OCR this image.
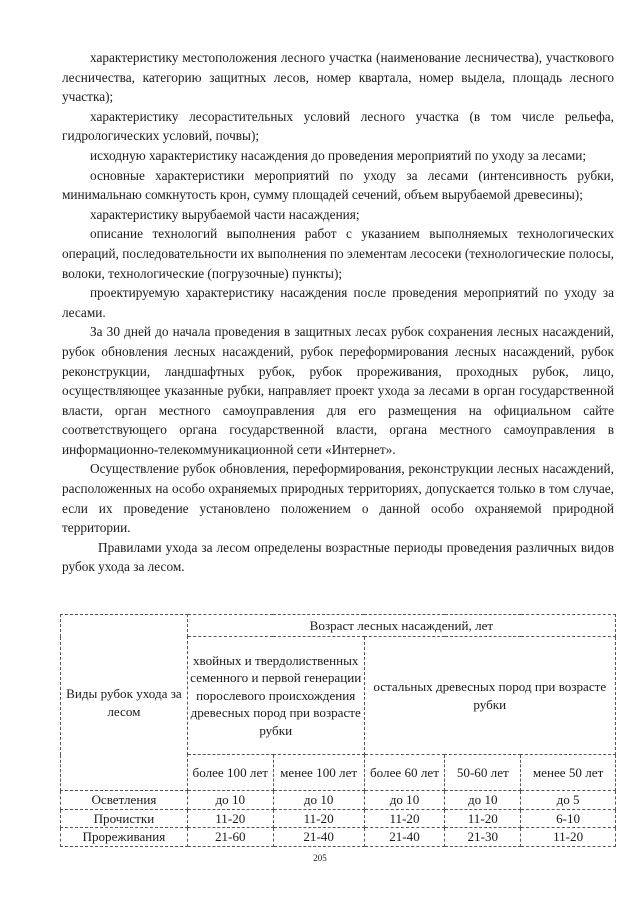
характеристику местоположения лесного участка (наименование лесничества), участкового лесничества, категорию защитных лесов, номер квартала, номер выдела, площадь лесного участка);

характеристику лесорастительных условий лесного участка (в том числе рельефа, гидрологических условий, почвы);

исходную характеристику насаждения до проведения мероприятий по уходу за лесами;

основные характеристики мероприятий по уходу за лесами (интенсивность рубки, минимальнаю сомкнутость крон, сумму площадей сечений, объем вырубаемой древесины);

характеристику вырубаемой части насаждения;

описание технологий выполнения работ с указанием выполняемых технологических операций, последовательности их выполнения по элементам лесосеки (технологические полосы, волоки, технологические (погрузочные) пункты);

проектируемую характеристику насаждения после проведения мероприятий по уходу за лесами.

За 30 дней до начала проведения в защитных лесах рубок сохранения лесных насаждений, рубок обновления лесных насаждений, рубок переформирования лесных насаждений, рубок реконструкции, ландшафтных рубок, рубок прореживания, проходных рубок, лицо, осуществляющее указанные рубки, направляет проект ухода за лесами в орган государственной власти, орган местного самоуправления для его размещения на официальном сайте соответствующего органа государственной власти, органа местного самоуправления в информационно-телекоммуникационной сети «Интернет».

Осуществление рубок обновления, переформирования, реконструкции лесных насаждений, расположенных на особо охраняемых природных территориях, допускается только в том случае, если их проведение установлено положением о данной особо охраняемой природной территории.

Правилами ухода за лесом определены возрастные периоды проведения различных видов рубок ухода за лесом.

Виды рубок ухода за лесом	Возраст лесных насаждений, лет				
	хвойных и твердолиственных семенного и первой генерации порослевого происхождения древесных пород при возрасте рубки		остальных древесных пород при возрасте рубки		
	более 100 лет	менее 100 лет	более 60 лет	50-60 лет	менее 50 лет
Осветления	до 10	до 10	до 10	до 10	до 5
Прочистки	11-20	11-20	11-20	11-20	6-10
Прореживания	21-60	21-40	21-40	21-30	11-20
205
